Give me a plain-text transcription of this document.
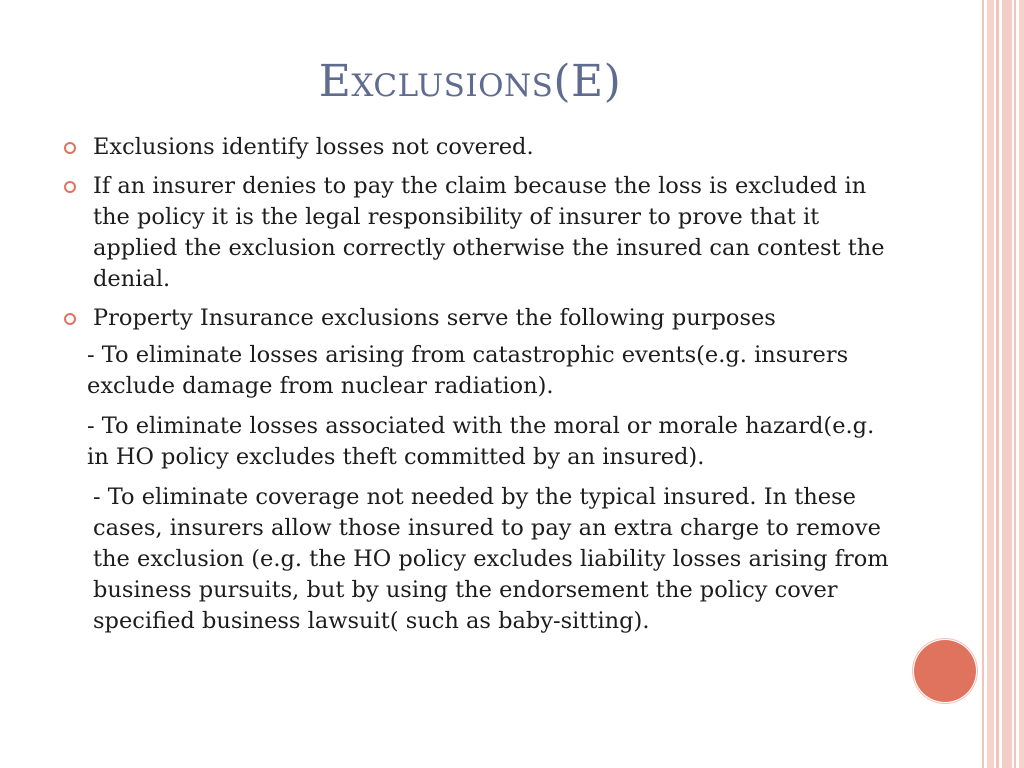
Exclusions(E)
Exclusions identify losses not covered.
If an insurer denies to pay the claim because the loss is excluded in the policy it is the legal responsibility of insurer to prove that it applied the exclusion correctly otherwise the insured can contest the denial.
Property Insurance exclusions serve the following purposes
- To eliminate losses arising from catastrophic events(e.g. insurers exclude damage from nuclear radiation).
- To eliminate losses associated with the moral or morale hazard(e.g. in HO policy excludes theft committed by an insured).
- To eliminate coverage not needed by the typical insured. In these cases, insurers allow those insured to pay an extra charge to remove the exclusion (e.g. the HO policy excludes liability losses arising from business pursuits, but by using the endorsement the policy cover specified business lawsuit( such as baby-sitting).
